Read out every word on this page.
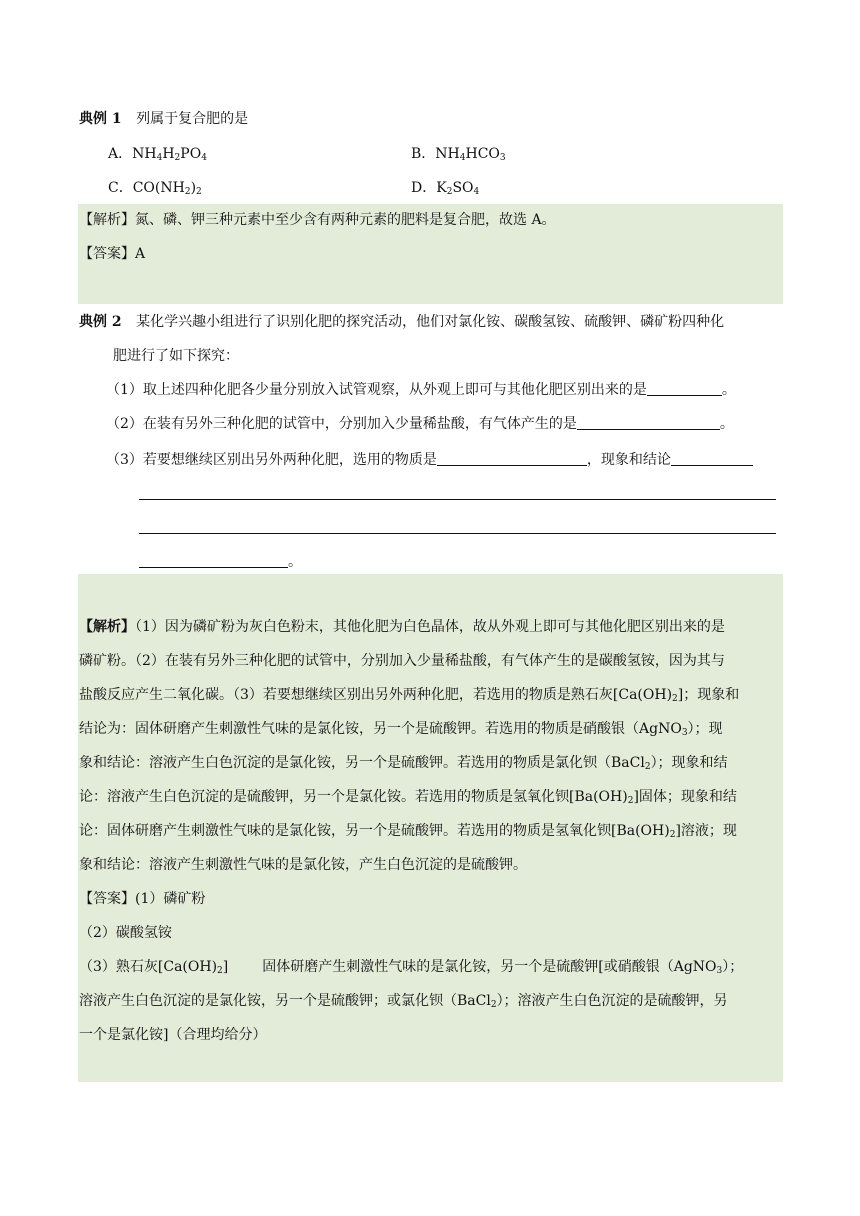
典例 1 列属于复合肥的是
A．$NH_4H_2PO_4$	B．$NH_4HCO_3$
C．$CO(NH_2)_2$	D．$K_2SO_4$
【解析】氮、磷、钾三种元素中至少含有两种元素的肥料是复合肥，故选 A。
【答案】A
典例 2 某化学兴趣小组进行了识别化肥的探究活动，他们对氯化铵、碳酸氢铵、硫酸钾、磷矿粉四种化
肥进行了如下探究：
（1）取上述四种化肥各少量分别放入试管观察，从外观上即可与其他化肥区别出来的是	。
（2）在装有另外三种化肥的试管中，分别加入少量稀盐酸，有气体产生的是	。
（3）若要想继续区别出另外两种化肥，选用的物质是	，现象和结论
。
【解析】（1）因为磷矿粉为灰白色粉末，其他化肥为白色晶体，故从外观上即可与其他化肥区别出来的是
磷矿粉。（2）在装有另外三种化肥的试管中，分别加入少量稀盐酸，有气体产生的是碳酸氢铵，因为其与
盐酸反应产生二氧化碳。（3）若要想继续区别出另外两种化肥，若选用的物质是熟石灰$[Ca(OH)_2]$；现象和
结论为：固体研磨产生刺激性气味的是氯化铵，另一个是硫酸钾。若选用的物质是硝酸银（AgNO$_3$）；现
象和结论：溶液产生白色沉淀的是氯化铵，另一个是硫酸钾。若选用的物质是氯化钡（BaCl$_2$）；现象和结
论：溶液产生白色沉淀的是硫酸钾，另一个是氯化铵。若选用的物质是氢氧化钡$[Ba(OH)_2]$固体；现象和结
论：固体研磨产生刺激性气味的是氯化铵，另一个是硫酸钾。若选用的物质是氢氧化钡$[Ba(OH)_2]$溶液；现
象和结论：溶液产生刺激性气味的是氯化铵，产生白色沉淀的是硫酸钾。
【答案】(1）磷矿粉
（2）碳酸氢铵
（3）熟石灰$[Ca(OH)_2]$ 固体研磨产生刺激性气味的是氯化铵，另一个是硫酸钾[或硝酸银（AgNO$_3$）；
溶液产生白色沉淀的是氯化铵，另一个是硫酸钾；或氯化钡（BaCl$_2$）；溶液产生白色沉淀的是硫酸钾，另
一个是氯化铵]（合理均给分）
